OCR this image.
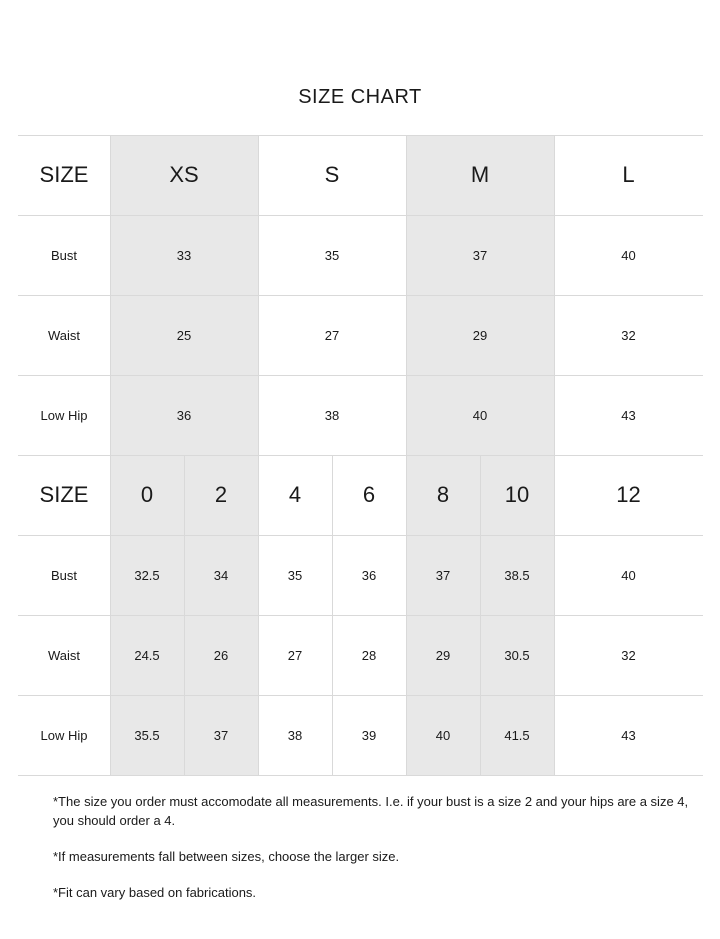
SIZE CHART
SIZE	XS	S	M	L
Bust	33	35	37	40
Waist	25	27	29	32
Low Hip	36	38	40	43
SIZE	0	2	4	6	8	10	12
Bust	32.5	34	35	36	37	38.5	40
Waist	24.5	26	27	28	29	30.5	32
Low Hip	35.5	37	38	39	40	41.5	43

*The size you order must accomodate all measurements. I.e. if your bust is a size 2 and your hips are a size 4, you should order a 4.

*If measurements fall between sizes, choose the larger size.

*Fit can vary based on fabrications.
